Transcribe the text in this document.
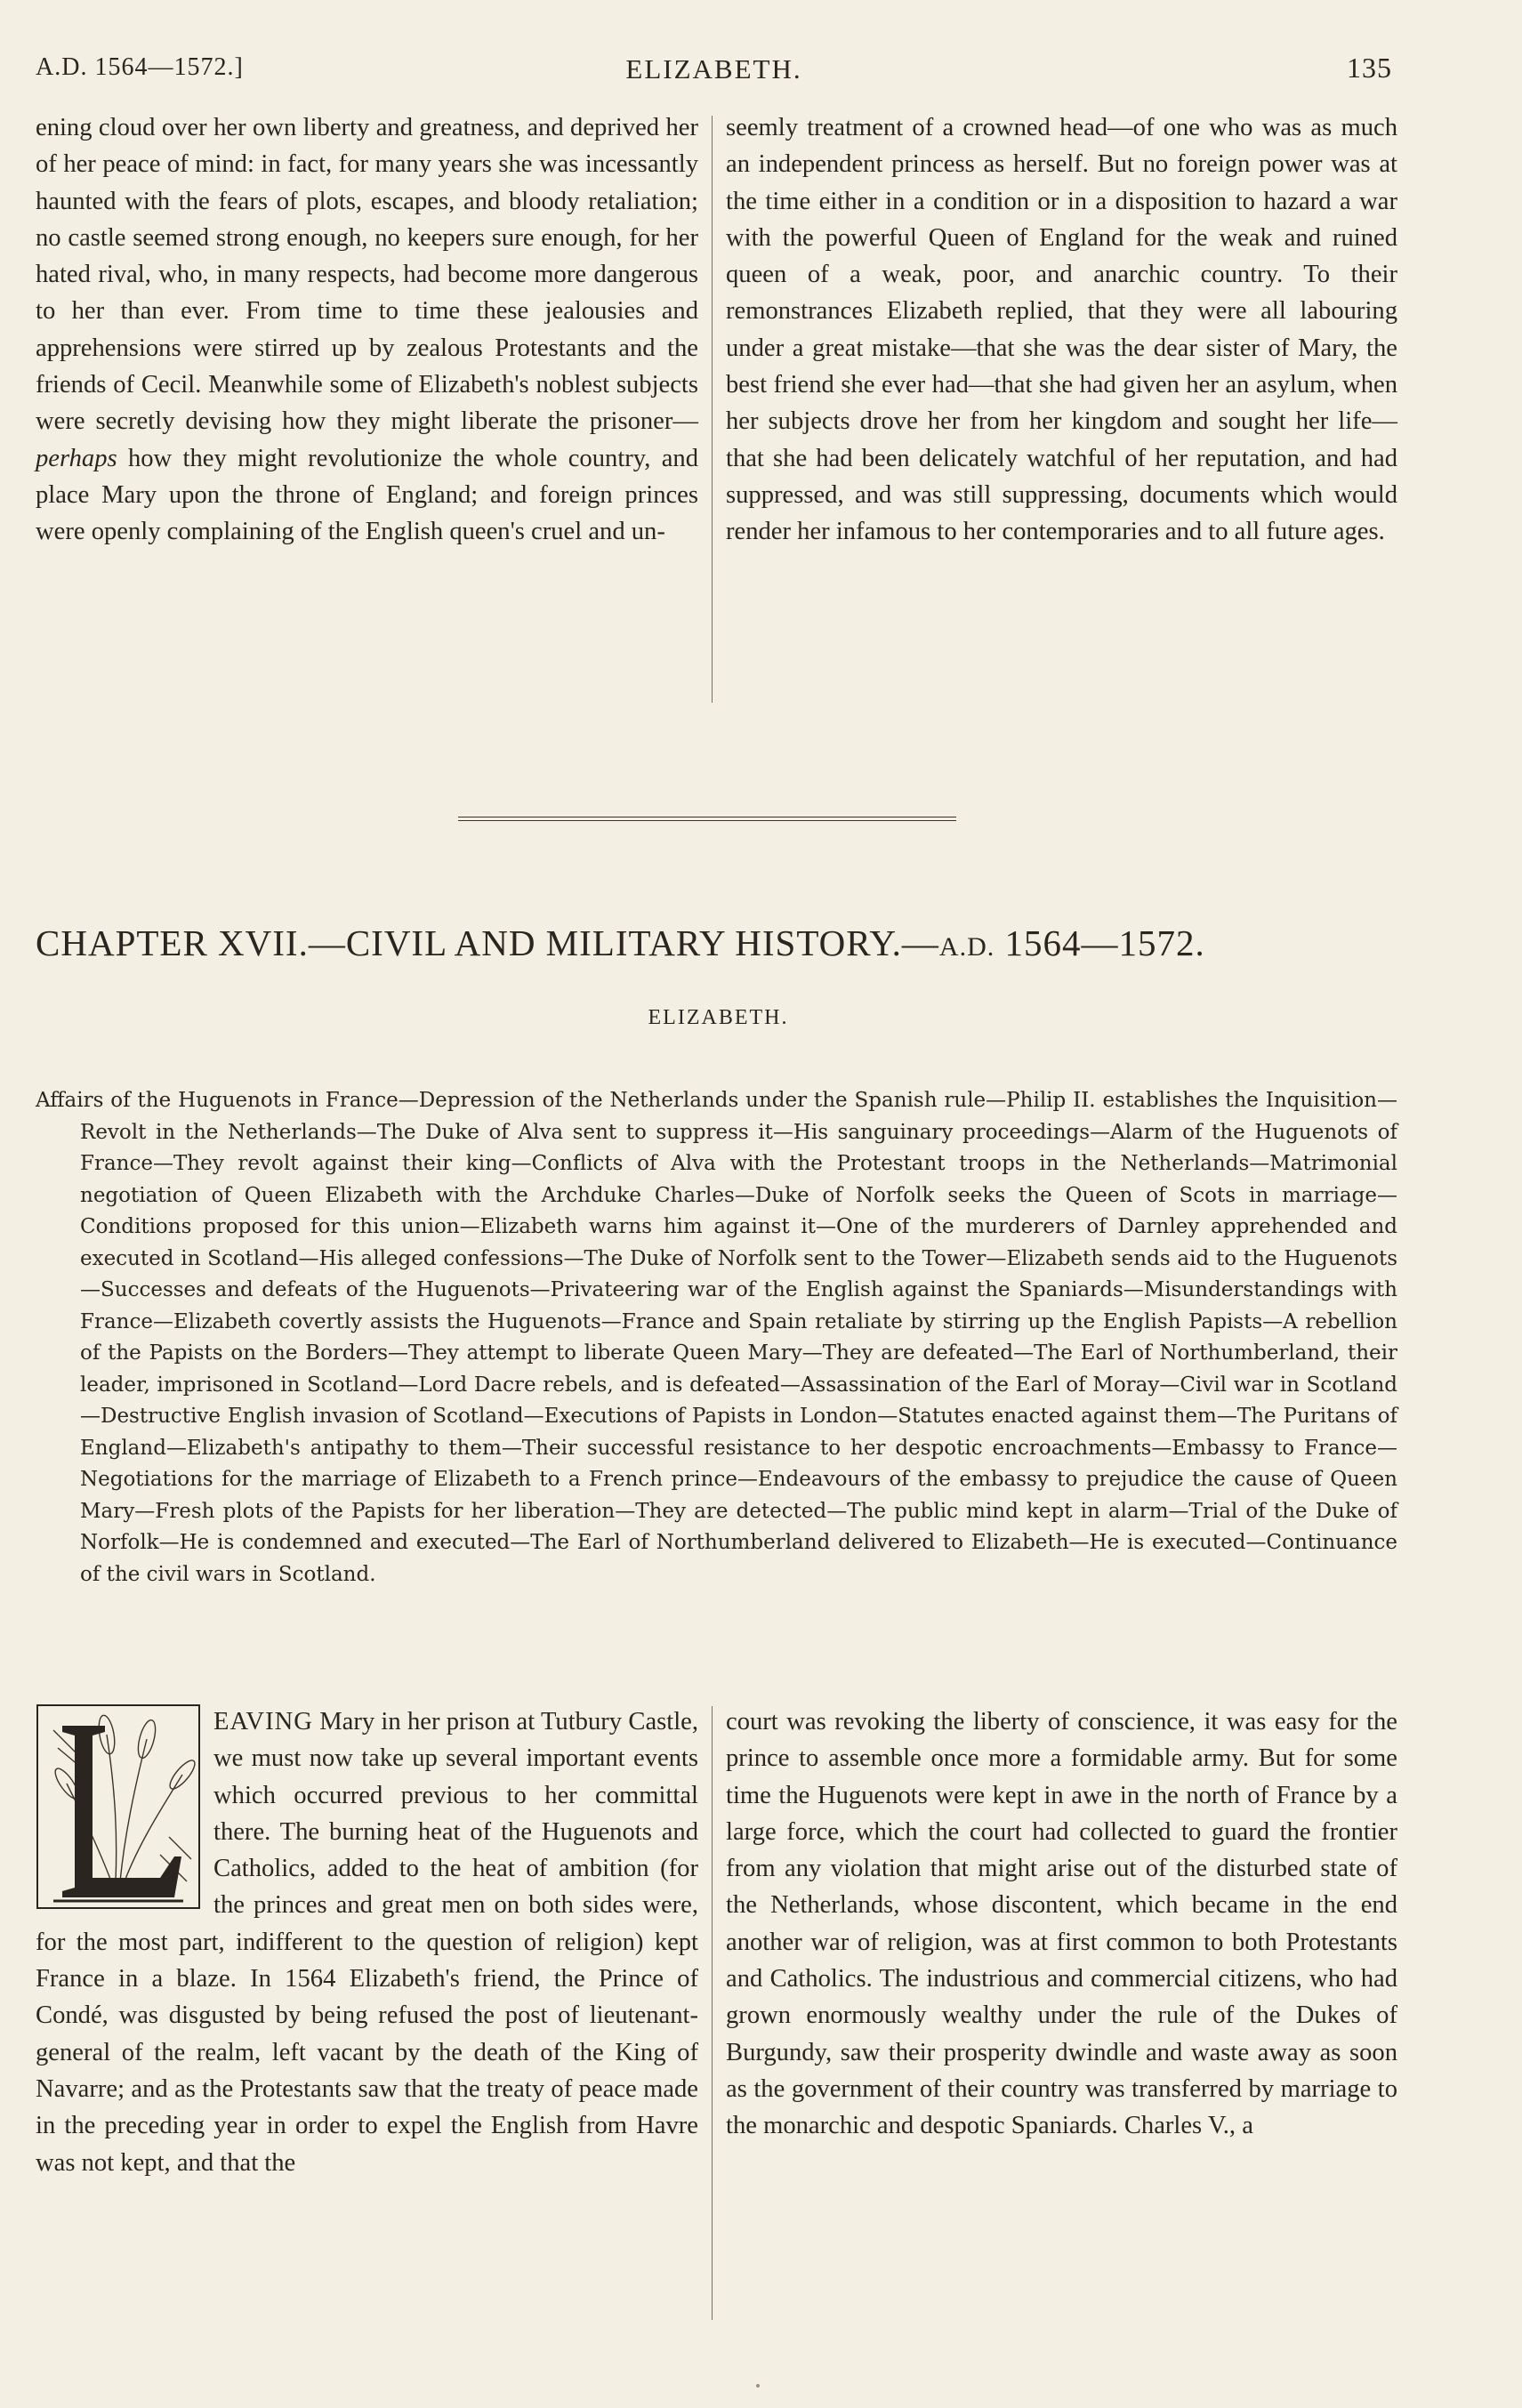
A.D. 1564—1572.]	ELIZABETH.	135

ening cloud over her own liberty and greatness, and deprived her of her peace of mind: in fact, for many years she was incessantly haunted with the fears of plots, escapes, and bloody retaliation; no castle seemed strong enough, no keepers sure enough, for her hated rival, who, in many respects, had become more dangerous to her than ever. From time to time these jealousies and apprehensions were stirred up by zealous Protestants and the friends of Cecil. Meanwhile some of Elizabeth's noblest subjects were secretly devising how they might liberate the prisoner—perhaps how they might revolutionize the whole country, and place Mary upon the throne of England; and foreign princes were openly complaining of the English queen's cruel and un-

seemly treatment of a crowned head—of one who was as much an independent princess as herself. But no foreign power was at the time either in a condition or in a disposition to hazard a war with the powerful Queen of England for the weak and ruined queen of a weak, poor, and anarchic country. To their remonstrances Elizabeth replied, that they were all labouring under a great mistake—that she was the dear sister of Mary, the best friend she ever had—that she had given her an asylum, when her subjects drove her from her kingdom and sought her life—that she had been delicately watchful of her reputation, and had suppressed, and was still suppressing, documents which would render her infamous to her contemporaries and to all future ages.

CHAPTER XVII.—CIVIL AND MILITARY HISTORY.—A.D. 1564—1572.
ELIZABETH.
Affairs of the Huguenots in France—Depression of the Netherlands under the Spanish rule—Philip II. establishes the Inquisition—Revolt in the Netherlands—The Duke of Alva sent to suppress it—His sanguinary proceedings—Alarm of the Huguenots of France—They revolt against their king—Conflicts of Alva with the Protestant troops in the Netherlands—Matrimonial negotiation of Queen Elizabeth with the Archduke Charles—Duke of Norfolk seeks the Queen of Scots in marriage—Conditions proposed for this union—Elizabeth warns him against it—One of the murderers of Darnley apprehended and executed in Scotland—His alleged confessions—The Duke of Norfolk sent to the Tower—Elizabeth sends aid to the Huguenots—Successes and defeats of the Huguenots—Privateering war of the English against the Spaniards—Misunderstandings with France—Elizabeth covertly assists the Huguenots—France and Spain retaliate by stirring up the English Papists—A rebellion of the Papists on the Borders—They attempt to liberate Queen Mary—They are defeated—The Earl of Northumberland, their leader, imprisoned in Scotland—Lord Dacre rebels, and is defeated—Assassination of the Earl of Moray—Civil war in Scotland—Destructive English invasion of Scotland—Executions of Papists in London—Statutes enacted against them—The Puritans of England—Elizabeth's antipathy to them—Their successful resistance to her despotic encroachments—Embassy to France—Negotiations for the marriage of Elizabeth to a French prince—Endeavours of the embassy to prejudice the cause of Queen Mary—Fresh plots of the Papists for her liberation—They are detected—The public mind kept in alarm—Trial of the Duke of Norfolk—He is condemned and executed—The Earl of Northumberland delivered to Elizabeth—He is executed—Continuance of the civil wars in Scotland.

EAVING Mary in her prison at Tutbury Castle, we must now take up several important events which occurred previous to her committal there. The burning heat of the Huguenots and Catholics, added to the heat of ambition (for the princes and great men on both sides were, for the most part, indifferent to the question of religion) kept France in a blaze. In 1564 Elizabeth's friend, the Prince of Condé, was disgusted by being refused the post of lieutenant-general of the realm, left vacant by the death of the King of Navarre; and as the Protestants saw that the treaty of peace made in the preceding year in order to expel the English from Havre was not kept, and that the

court was revoking the liberty of conscience, it was easy for the prince to assemble once more a formidable army. But for some time the Huguenots were kept in awe in the north of France by a large force, which the court had collected to guard the frontier from any violation that might arise out of the disturbed state of the Netherlands, whose discontent, which became in the end another war of religion, was at first common to both Protestants and Catholics. The industrious and commercial citizens, who had grown enormously wealthy under the rule of the Dukes of Burgundy, saw their prosperity dwindle and waste away as soon as the government of their country was transferred by marriage to the monarchic and despotic Spaniards. Charles V., a
